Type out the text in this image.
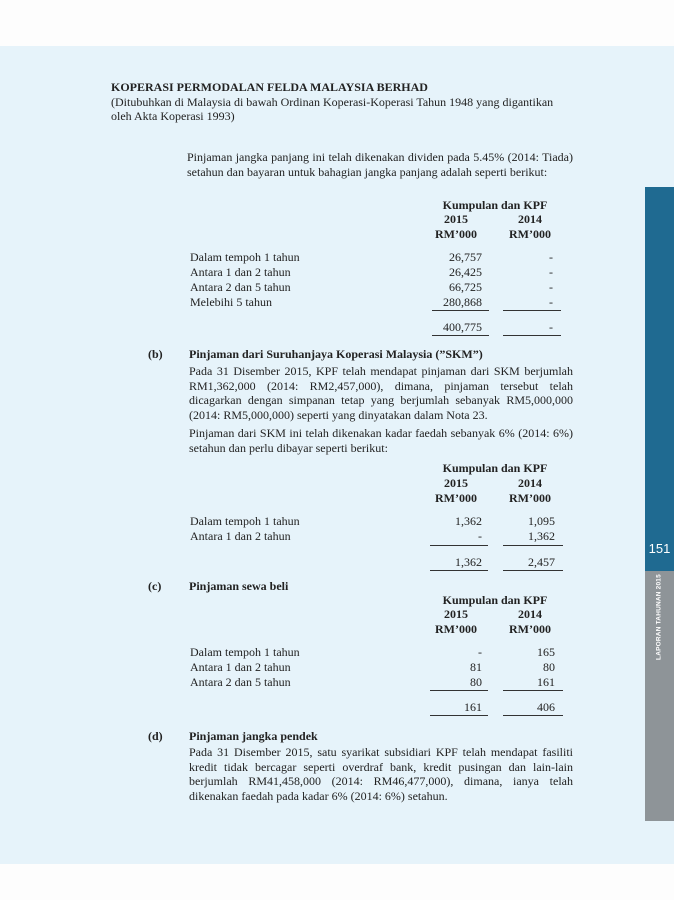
151
LAPORAN TAHUNAN 2015
KOPERASI PERMODALAN FELDA MALAYSIA BERHAD
(Ditubuhkan di Malaysia di bawah Ordinan Koperasi-Koperasi Tahun 1948 yang digantikan
oleh Akta Koperasi 1993)
Pinjaman jangka panjang ini telah dikenakan dividen pada 5.45% (2014: Tiada) setahun dan bayaran untuk bahagian jangka panjang adalah seperti berikut:
Kumpulan dan KPF
2015	2014
RM’000	RM’000
Dalam tempoh 1 tahun	26,757	-
Antara 1 dan 2 tahun	26,425	-
Antara 2 dan 5 tahun	66,725	-
Melebihi 5 tahun	280,868	-
400,775	-
(b) Pinjaman dari Suruhanjaya Koperasi Malaysia (”SKM”)
Pada 31 Disember 2015, KPF telah mendapat pinjaman dari SKM berjumlah RM1,362,000 (2014: RM2,457,000), dimana, pinjaman tersebut telah dicagarkan dengan simpanan tetap yang berjumlah sebanyak RM5,000,000 (2014: RM5,000,000) seperti yang dinyatakan dalam Nota 23.
Pinjaman dari SKM ini telah dikenakan kadar faedah sebanyak 6% (2014: 6%) setahun dan perlu dibayar seperti berikut:
Kumpulan dan KPF
2015	2014
RM’000	RM’000
Dalam tempoh 1 tahun	1,362	1,095
Antara 1 dan 2 tahun	-	1,362
1,362	2,457
(c) Pinjaman sewa beli
Kumpulan dan KPF
2015	2014
RM’000	RM’000
Dalam tempoh 1 tahun	-	165
Antara 1 dan 2 tahun	81	80
Antara 2 dan 5 tahun	80	161
161	406
(d) Pinjaman jangka pendek
Pada 31 Disember 2015, satu syarikat subsidiari KPF telah mendapat fasiliti kredit tidak bercagar seperti overdraf bank, kredit pusingan dan lain-lain berjumlah RM41,458,000 (2014: RM46,477,000), dimana, ianya telah dikenakan faedah pada kadar 6% (2014: 6%) setahun.
